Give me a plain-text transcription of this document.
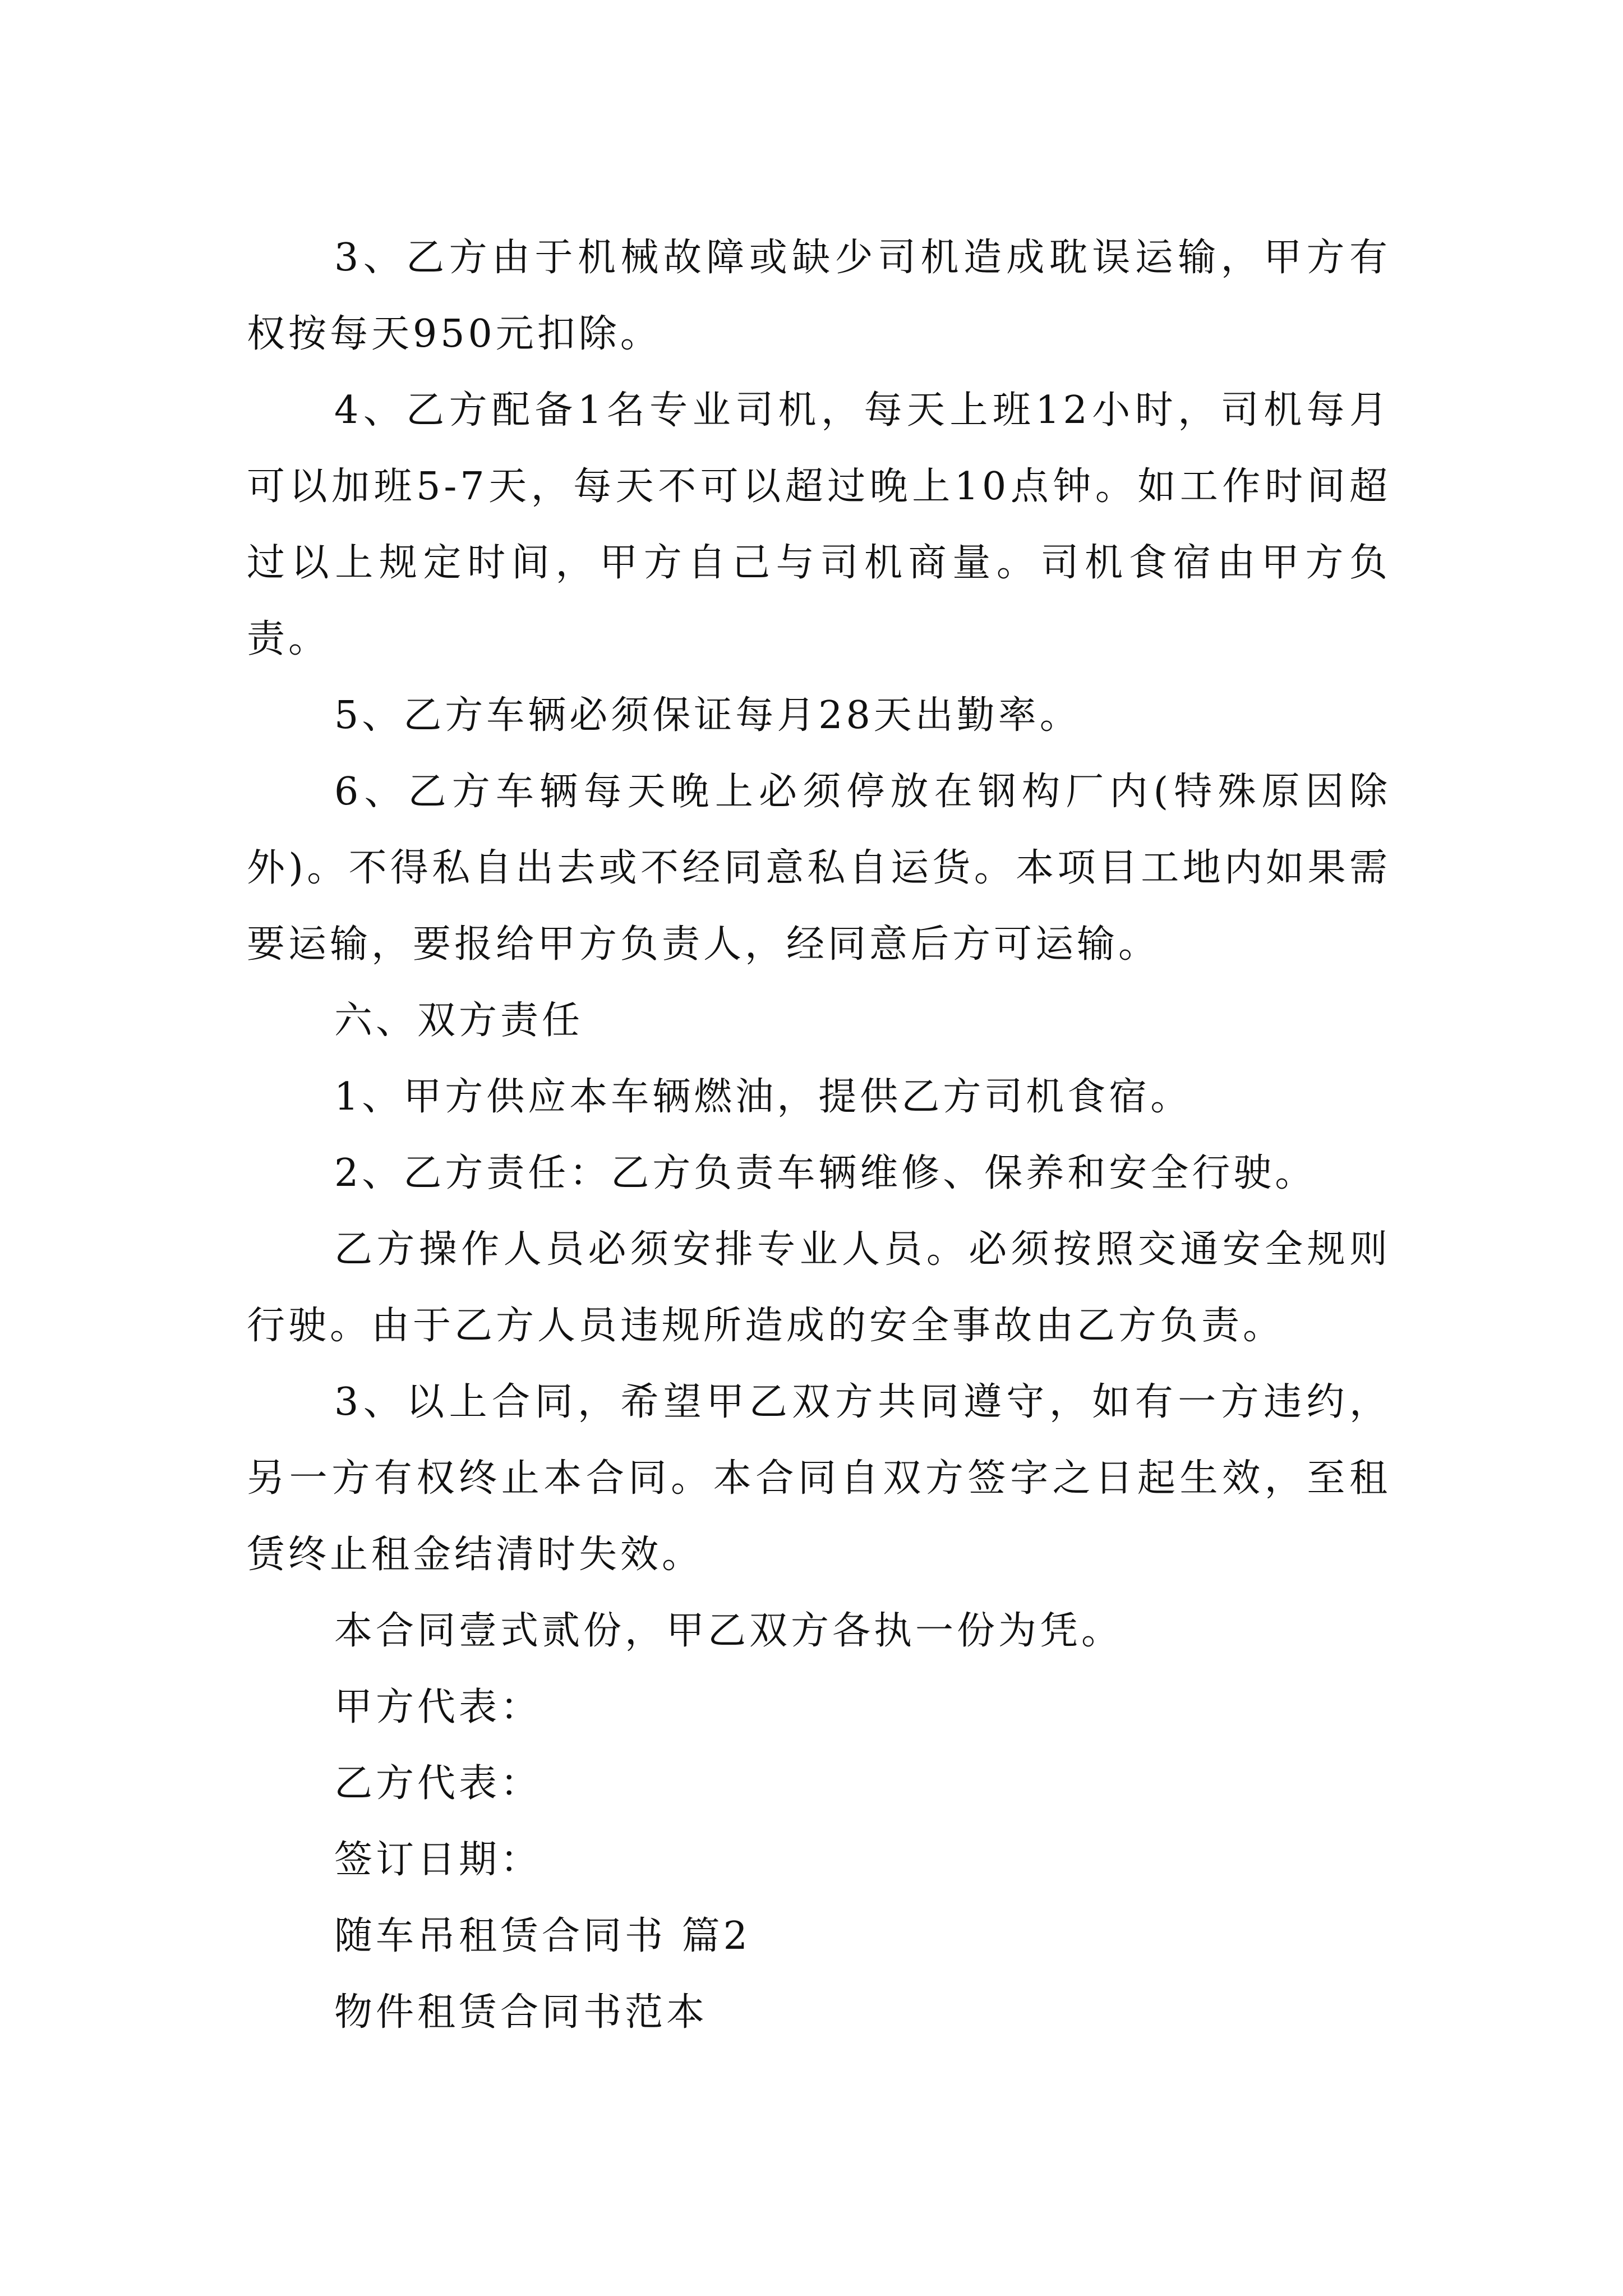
3、乙方由于机械故障或缺少司机造成耽误运输，甲方有权按每天950元扣除。

4、乙方配备1名专业司机，每天上班12小时，司机每月可以加班5-7天，每天不可以超过晚上10点钟。如工作时间超过以上规定时间，甲方自己与司机商量。司机食宿由甲方负责。

5、乙方车辆必须保证每月28天出勤率。

6、乙方车辆每天晚上必须停放在钢构厂内(特殊原因除外)。不得私自出去或不经同意私自运货。本项目工地内如果需要运输，要报给甲方负责人，经同意后方可运输。

六、双方责任

1、甲方供应本车辆燃油，提供乙方司机食宿。

2、乙方责任：乙方负责车辆维修、保养和安全行驶。

乙方操作人员必须安排专业人员。必须按照交通安全规则行驶。由于乙方人员违规所造成的安全事故由乙方负责。

3、以上合同，希望甲乙双方共同遵守，如有一方违约，另一方有权终止本合同。本合同自双方签字之日起生效，至租赁终止租金结清时失效。

本合同壹式贰份，甲乙双方各执一份为凭。

甲方代表：

乙方代表：

签订日期：

随车吊租赁合同书 篇2

物件租赁合同书范本
